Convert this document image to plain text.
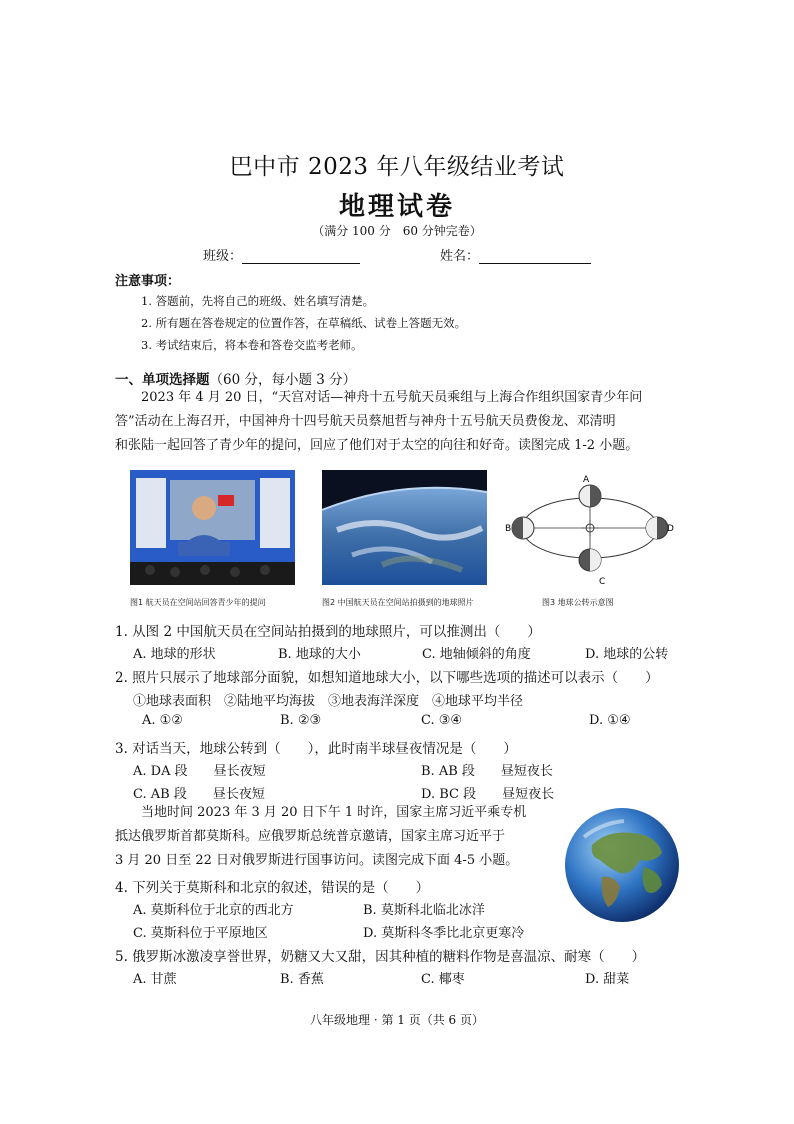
巴中市 2023 年八年级结业考试
地理试卷
（满分 100 分　60 分钟完卷）
班级：	姓名：
注意事项：
1. 答题前，先将自己的班级、姓名填写清楚。
2. 所有题在答卷规定的位置作答，在草稿纸、试卷上答题无效。
3. 考试结束后，将本卷和答卷交监考老师。
一、单项选择题（60 分，每小题 3 分）
　　2023 年 4 月 20 日，“天宫对话—神舟十五号航天员乘组与上海合作组织国家青少年问
答”活动在上海召开，中国神舟十四号航天员蔡旭哲与神舟十五号航天员费俊龙、邓清明
和张陆一起回答了青少年的提问，回应了他们对于太空的向往和好奇。读图完成 1-2 小题。
图1 航天员在空间站回答青少年的提问	图2 中国航天员在空间站拍摄到的地球照片
A
B
C
D
图3 地球公转示意图
1. 从图 2 中国航天员在空间站拍摄到的地球照片，可以推测出（　　）
A. 地球的形状	B. 地球的大小	C. 地轴倾斜的角度	D. 地球的公转
2. 照片只展示了地球部分面貌，如想知道地球大小，以下哪些选项的描述可以表示（　　）
①地球表面积　②陆地平均海拔　③地表海洋深度　④地球平均半径
A. ①②	B. ②③	C. ③④	D. ①④
3. 对话当天，地球公转到（　　），此时南半球昼夜情况是（　　）
A. DA 段　　昼长夜短	B. AB 段　　昼短夜长
C. AB 段　　昼长夜短	D. BC 段　　昼短夜长
　　当地时间 2023 年 3 月 20 日下午 1 时许，国家主席习近平乘专机
抵达俄罗斯首都莫斯科。应俄罗斯总统普京邀请，国家主席习近平于
3 月 20 日至 22 日对俄罗斯进行国事访问。读图完成下面 4-5 小题。
4. 下列关于莫斯科和北京的叙述，错误的是（　　）
A. 莫斯科位于北京的西北方	B. 莫斯科北临北冰洋
C. 莫斯科位于平原地区	D. 莫斯科冬季比北京更寒冷
5. 俄罗斯冰激凌享誉世界，奶糖又大又甜，因其种植的糖料作物是喜温凉、耐寒（　　）
A. 甘蔗	B. 香蕉	C. 椰枣	D. 甜菜
八年级地理 · 第 1 页（共 6 页）
